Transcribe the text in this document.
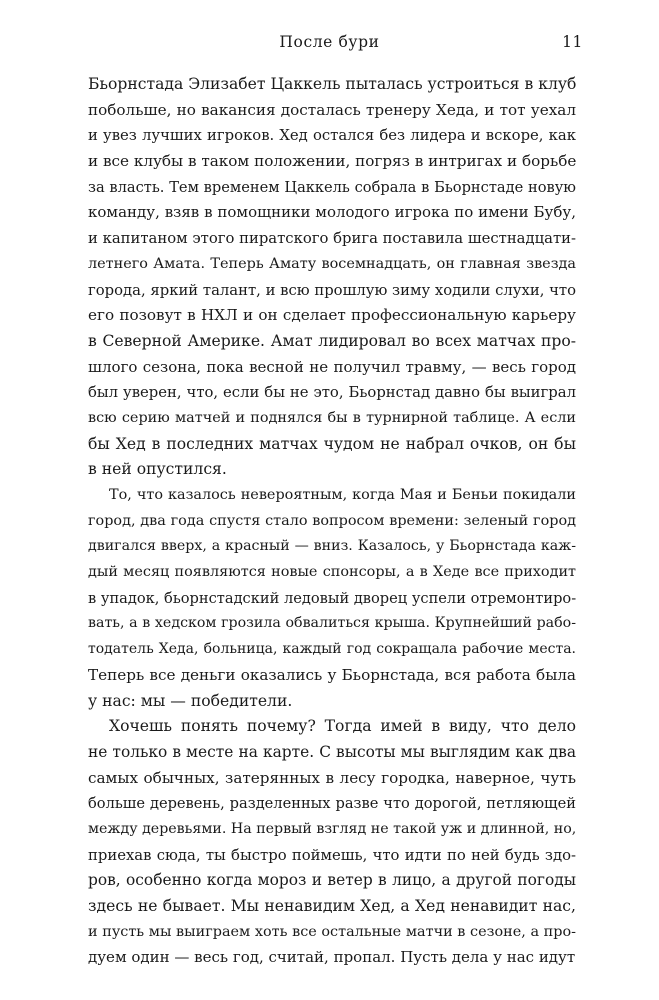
После бури	11
Бьорнстада Элизабет Цаккель пыталась устроиться в клуб
побольше, но вакансия досталась тренеру Хеда, и тот уехал
и увез лучших игроков. Хед остался без лидера и вскоре, как
и все клубы в таком положении, погряз в интригах и борьбе
за власть. Тем временем Цаккель собрала в Бьорнстаде новую
команду, взяв в помощники молодого игрока по имени Бубу,
и капитаном этого пиратского брига поставила шестнадцати-
летнего Амата. Теперь Амату восемнадцать, он главная звезда
города, яркий талант, и всю прошлую зиму ходили слухи, что
его позовут в НХЛ и он сделает профессиональную карьеру
в Северной Америке. Амат лидировал во всех матчах про-
шлого сезона, пока весной не получил травму, — весь город
был уверен, что, если бы не это, Бьорнстад давно бы выиграл
всю серию матчей и поднялся бы в турнирной таблице. А если
бы Хед в последних матчах чудом не набрал очков, он бы
в ней опустился.
То, что казалось невероятным, когда Мая и Беньи покидали
город, два года спустя стало вопросом времени: зеленый город
двигался вверх, а красный — вниз. Казалось, у Бьорнстада каж-
дый месяц появляются новые спонсоры, а в Хеде все приходит
в упадок, бьорнстадский ледовый дворец успели отремонтиро-
вать, а в хедском грозила обвалиться крыша. Крупнейший рабо-
тодатель Хеда, больница, каждый год сокращала рабочие места.
Теперь все деньги оказались у Бьорнстада, вся работа была
у нас: мы — победители.
Хочешь понять почему? Тогда имей в виду, что дело
не только в месте на карте. С высоты мы выглядим как два
самых обычных, затерянных в лесу городка, наверное, чуть
больше деревень, разделенных разве что дорогой, петляющей
между деревьями. На первый взгляд не такой уж и длинной, но,
приехав сюда, ты быстро поймешь, что идти по ней будь здо-
ров, особенно когда мороз и ветер в лицо, а другой погоды
здесь не бывает. Мы ненавидим Хед, а Хед ненавидит нас,
и пусть мы выиграем хоть все остальные матчи в сезоне, а про-
дуем один — весь год, считай, пропал. Пусть дела у нас идут
